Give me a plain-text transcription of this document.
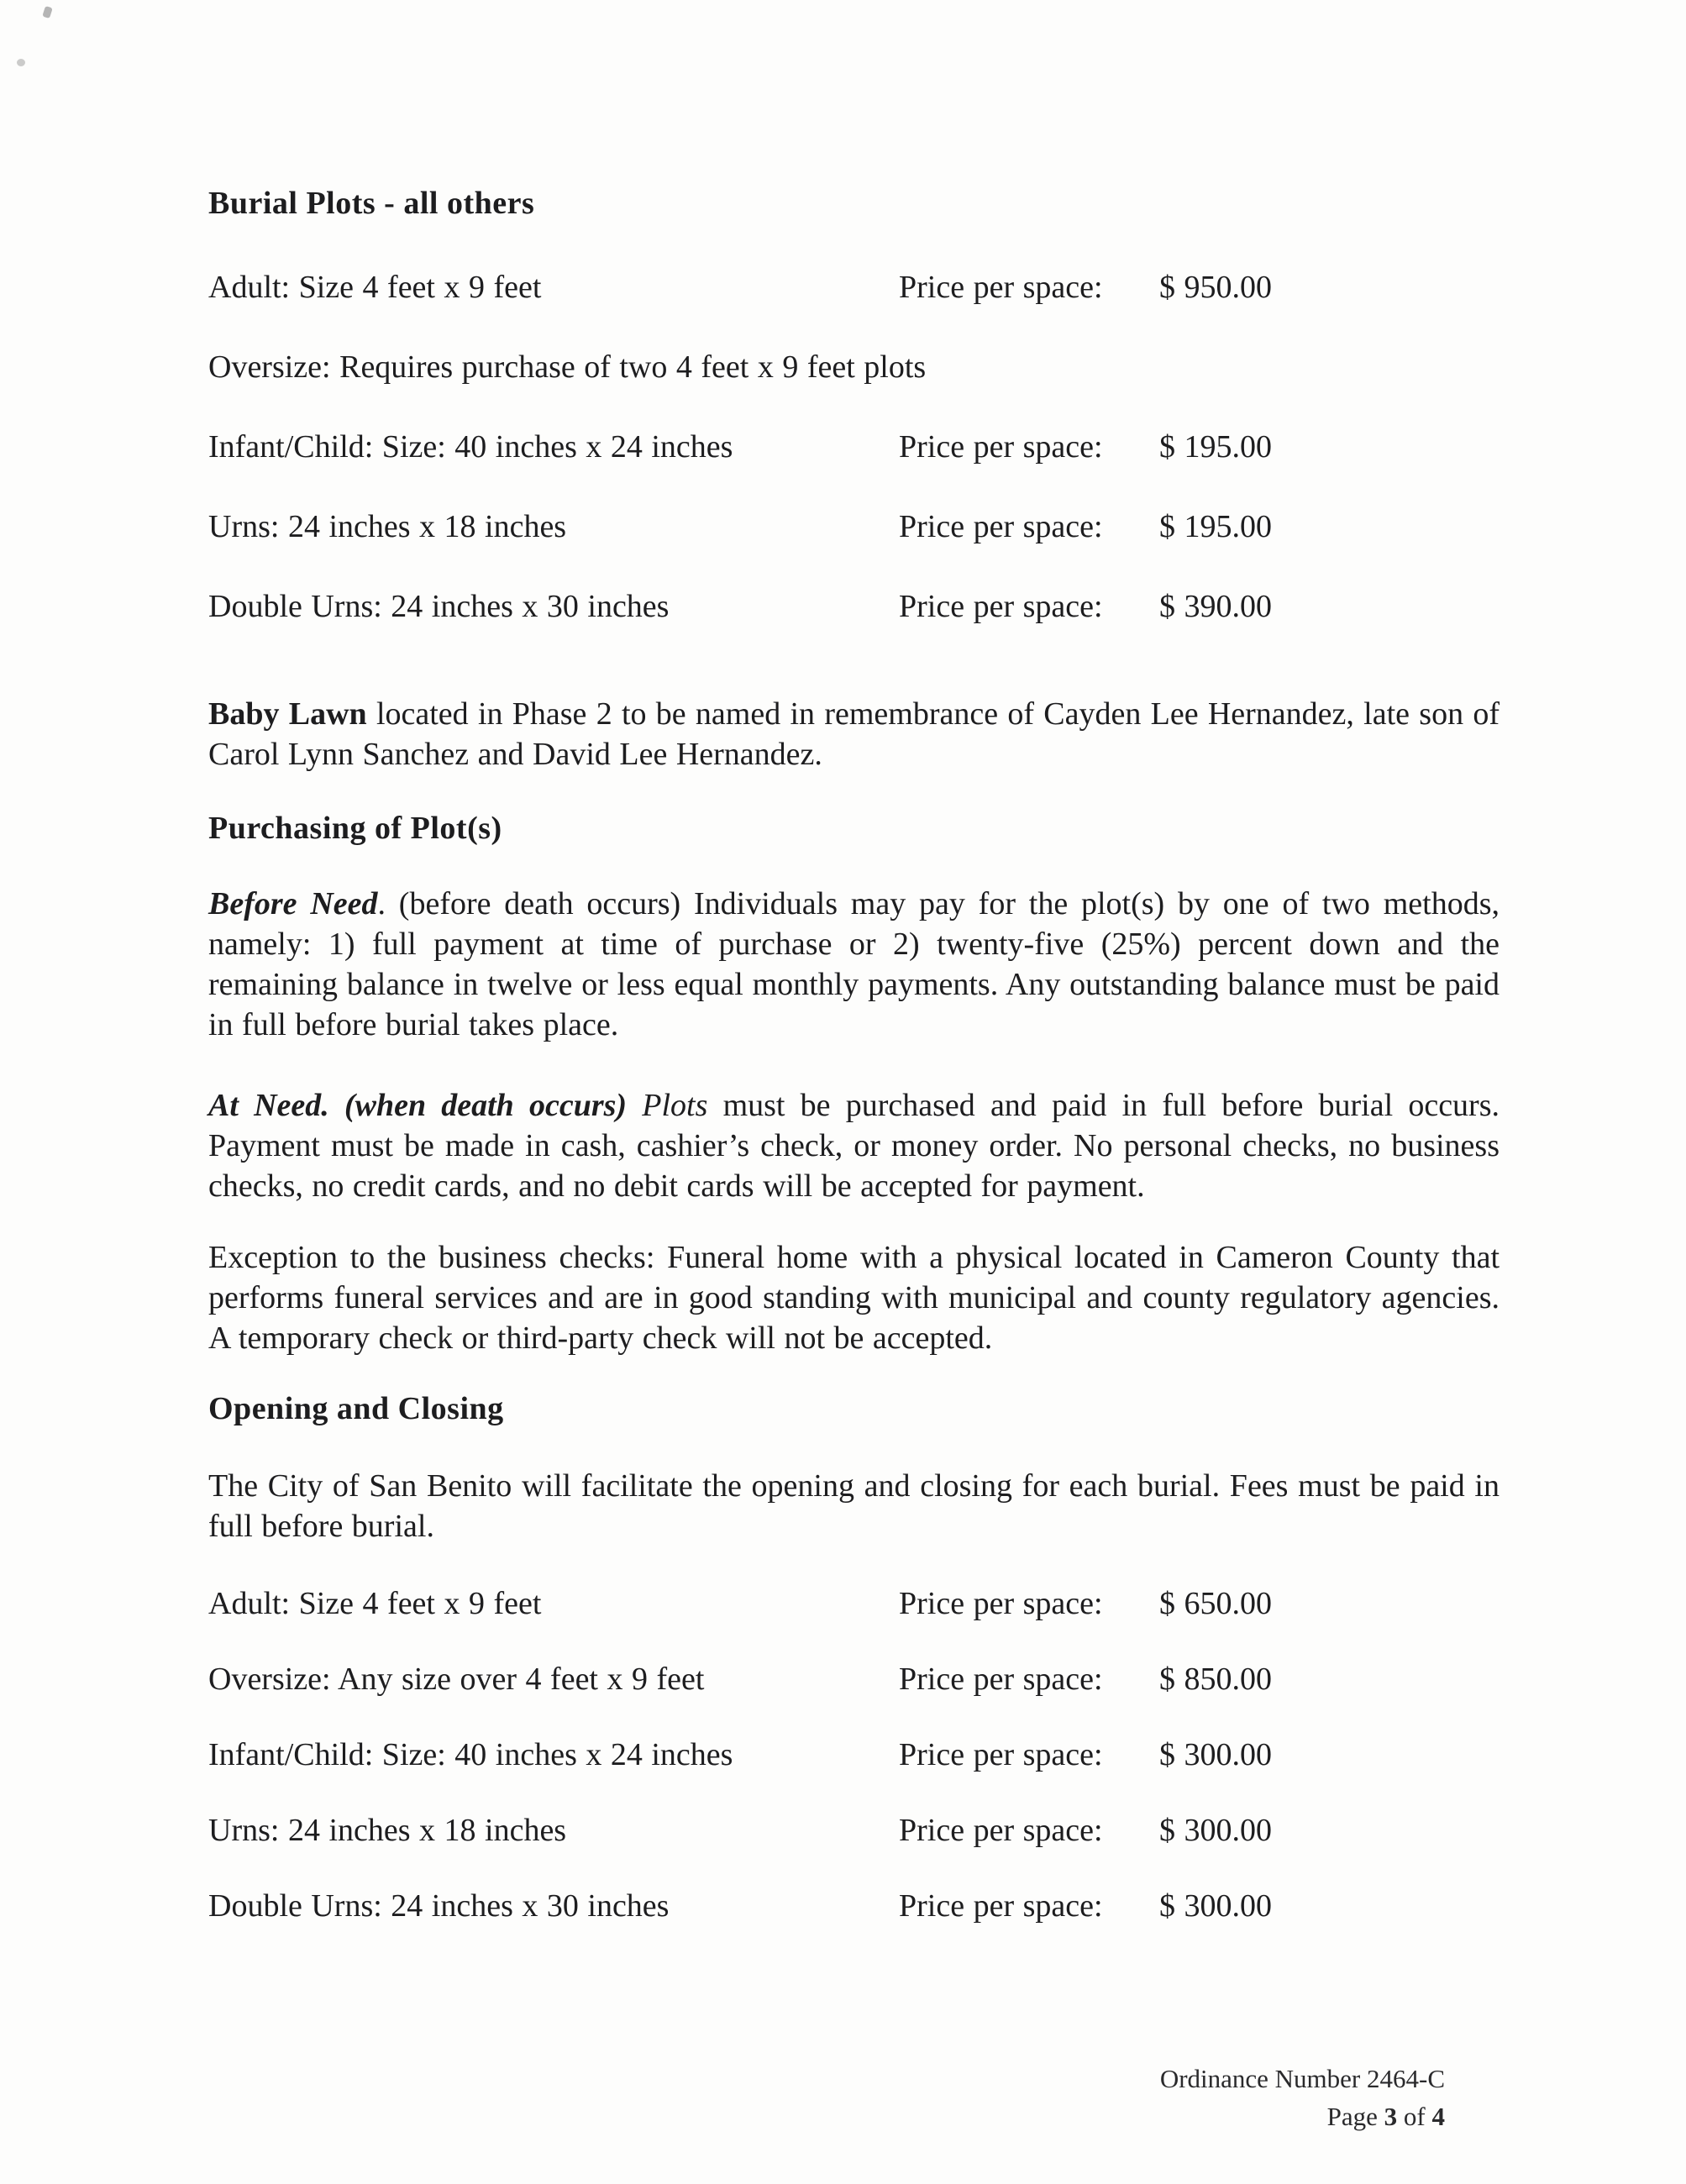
Burial Plots - all others
Adult: Size 4 feet x 9 feet	Price per space:	$ 950.00
Oversize: Requires purchase of two 4 feet x 9 feet plots
Infant/Child: Size: 40 inches x 24 inches	Price per space:	$ 195.00
Urns: 24 inches x 18 inches	Price per space:	$ 195.00
Double Urns: 24 inches x 30 inches	Price per space:	$ 390.00
Baby Lawn located in Phase 2 to be named in remembrance of Cayden Lee Hernandez, late son of Carol Lynn Sanchez and David Lee Hernandez.
Purchasing of Plot(s)
Before Need. (before death occurs) Individuals may pay for the plot(s) by one of two methods, namely: 1) full payment at time of purchase or 2) twenty-five (25%) percent down and the remaining balance in twelve or less equal monthly payments. Any outstanding balance must be paid in full before burial takes place.
At Need. (when death occurs) Plots must be purchased and paid in full before burial occurs. Payment must be made in cash, cashier’s check, or money order. No personal checks, no business checks, no credit cards, and no debit cards will be accepted for payment.
Exception to the business checks: Funeral home with a physical located in Cameron County that performs funeral services and are in good standing with municipal and county regulatory agencies. A temporary check or third-party check will not be accepted.
Opening and Closing
The City of San Benito will facilitate the opening and closing for each burial. Fees must be paid in full before burial.
Adult: Size 4 feet x 9 feet	Price per space:	$ 650.00
Oversize: Any size over 4 feet x 9 feet	Price per space:	$ 850.00
Infant/Child: Size: 40 inches x 24 inches	Price per space:	$ 300.00
Urns: 24 inches x 18 inches	Price per space:	$ 300.00
Double Urns: 24 inches x 30 inches	Price per space:	$ 300.00
Ordinance Number 2464-C
Page 3 of 4
